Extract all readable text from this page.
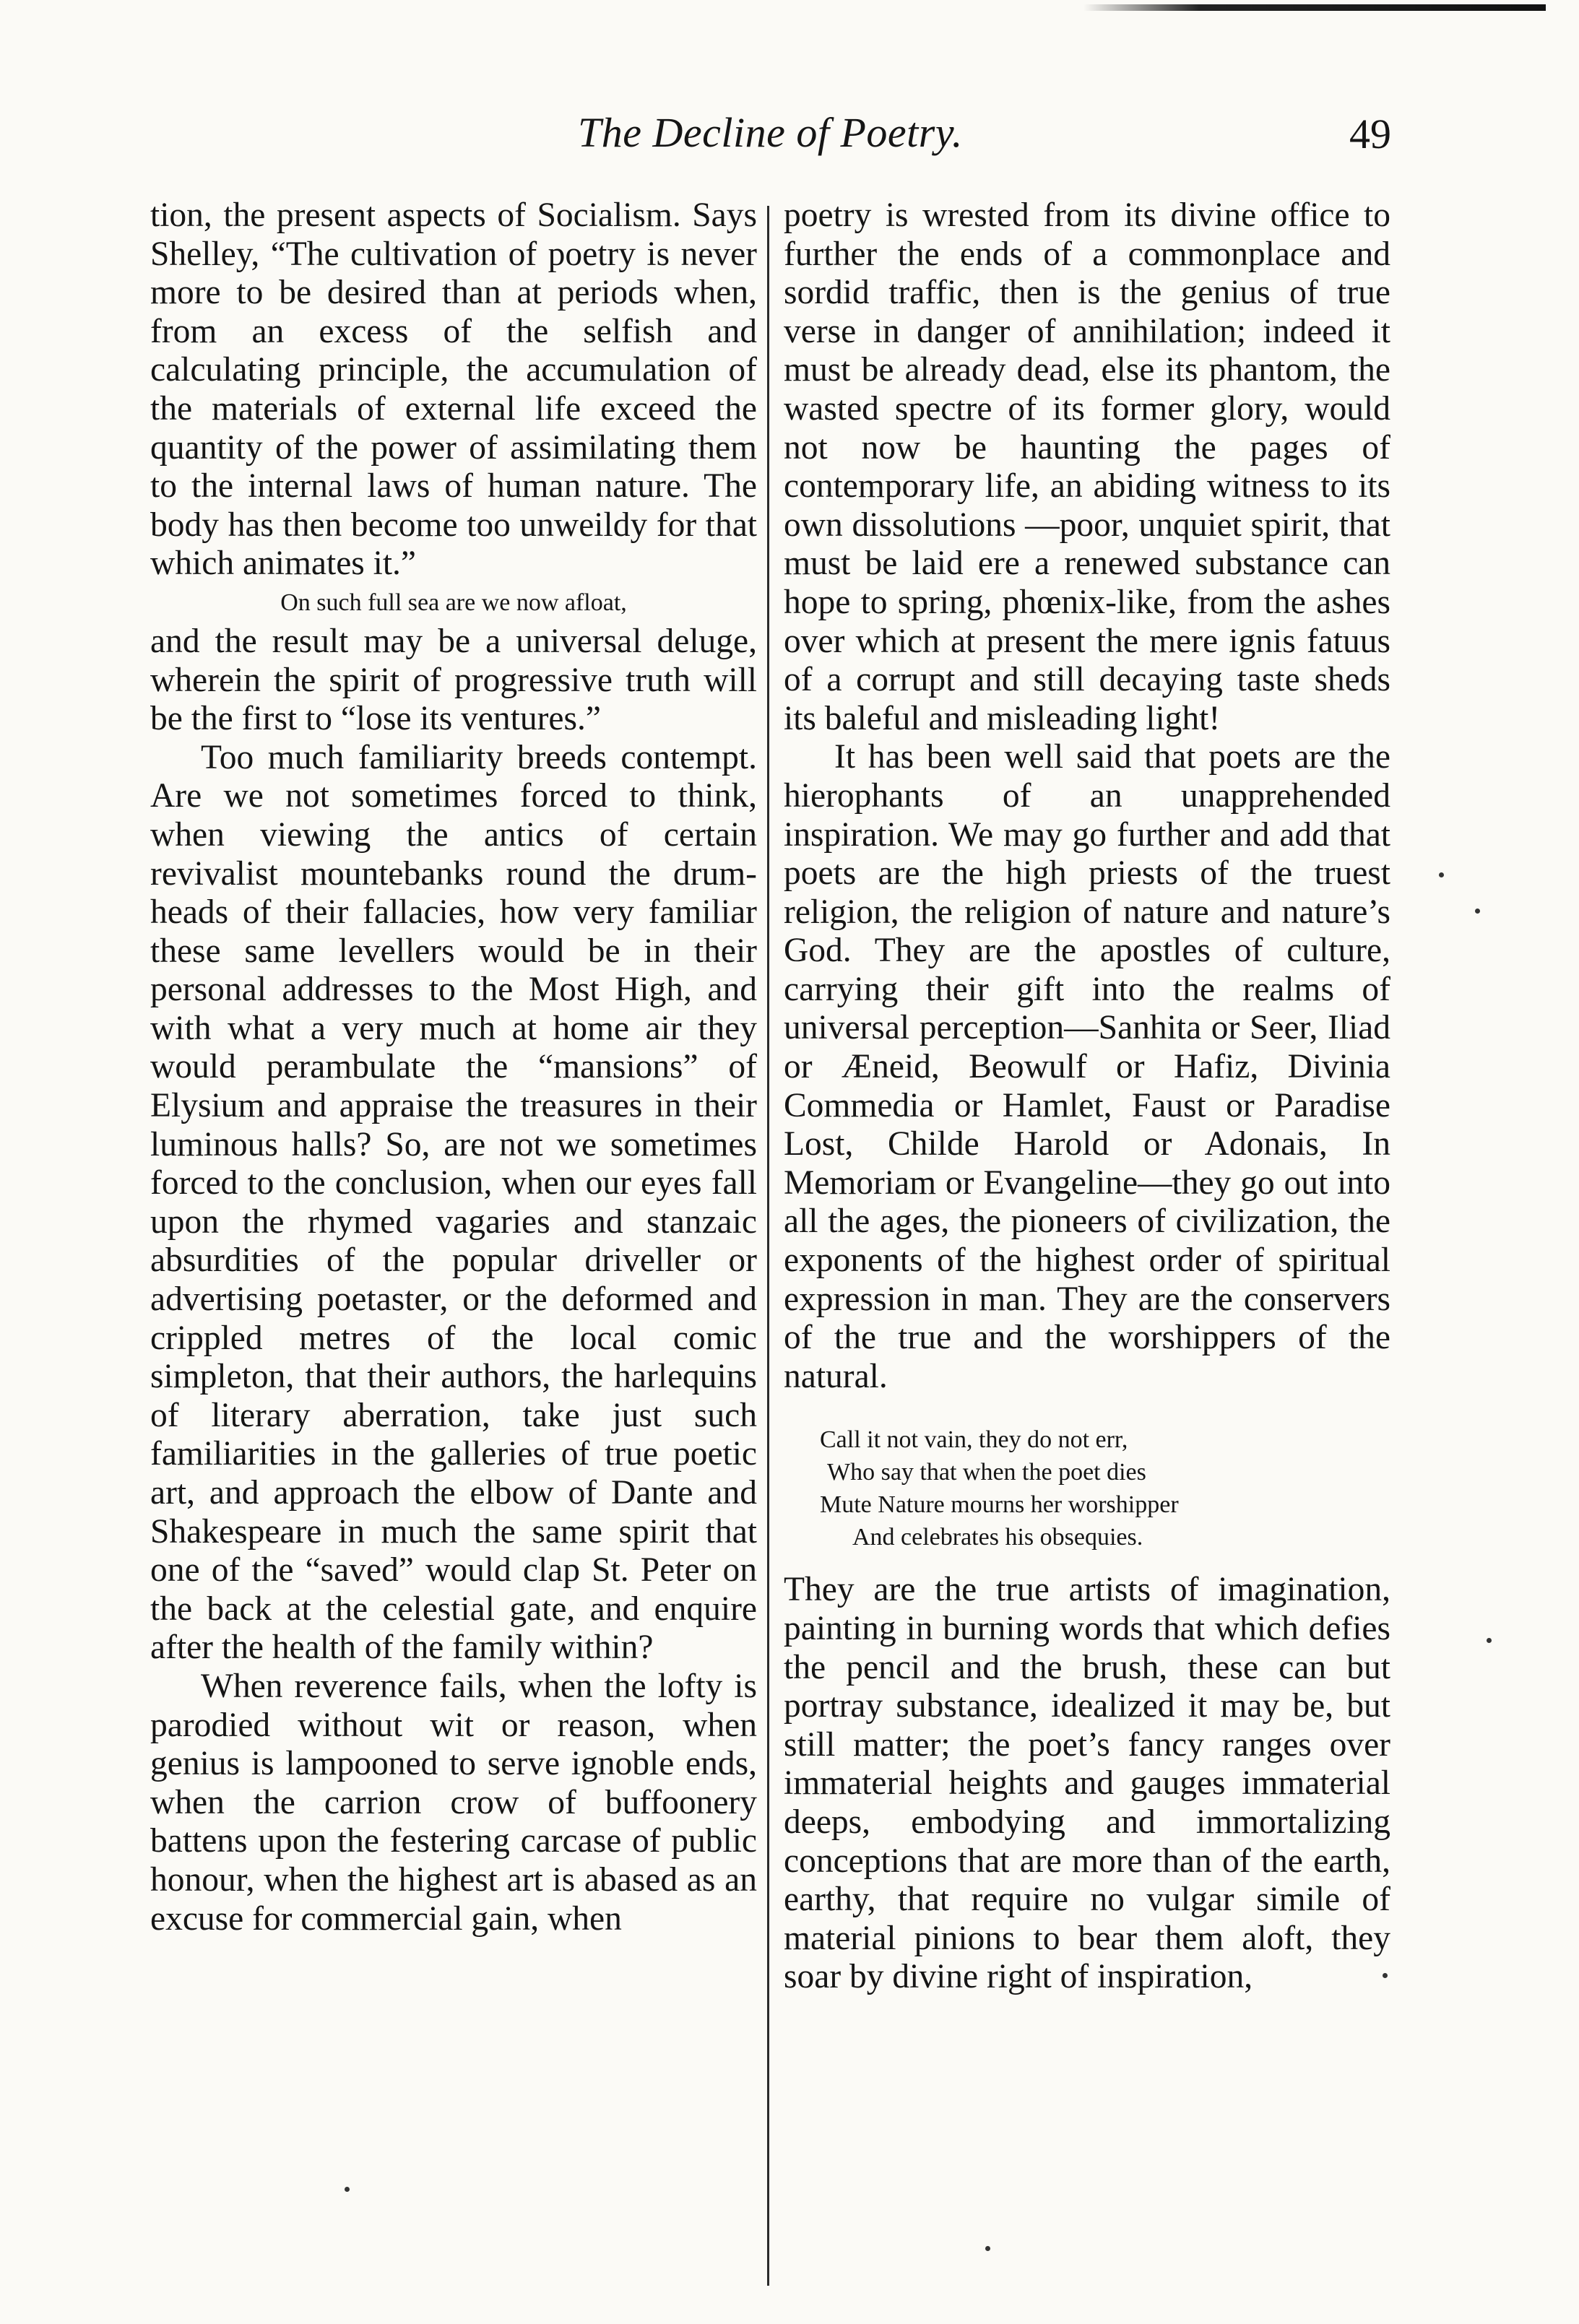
The Decline of Poetry.	49

tion, the present aspects of Socialism. Says Shelley, “The cultivation of poetry is never more to be desired than at periods when, from an excess of the selfish and calculating principle, the accumulation of the materials of external life exceed the quantity of the power of assimilating them to the internal laws of human nature. The body has then become too unweildy for that which animates it.”

On such full sea are we now afloat,

and the result may be a universal deluge, wherein the spirit of progressive truth will be the first to “lose its ventures.”

Too much familiarity breeds contempt. Are we not sometimes forced to think, when viewing the antics of certain revivalist mountebanks round the drum-heads of their fallacies, how very familiar these same levellers would be in their personal addresses to the Most High, and with what a very much at home air they would perambulate the “mansions” of Elysium and appraise the treasures in their luminous halls? So, are not we sometimes forced to the conclusion, when our eyes fall upon the rhymed vagaries and stanzaic absurdities of the popular driveller or advertising poetaster, or the deformed and crippled metres of the local comic simpleton, that their authors, the harlequins of literary aberration, take just such familiarities in the galleries of true poetic art, and approach the elbow of Dante and Shakespeare in much the same spirit that one of the “saved” would clap St. Peter on the back at the celestial gate, and enquire after the health of the family within?

When reverence fails, when the lofty is parodied without wit or reason, when genius is lampooned to serve ignoble ends, when the carrion crow of buffoonery battens upon the festering carcase of public honour, when the highest art is abased as an excuse for commercial gain, when

poetry is wrested from its divine office to further the ends of a commonplace and sordid traffic, then is the genius of true verse in danger of annihilation; indeed it must be already dead, else its phantom, the wasted spectre of its former glory, would not now be haunting the pages of contemporary life, an abiding witness to its own dissolutions —poor, unquiet spirit, that must be laid ere a renewed substance can hope to spring, phœnix-like, from the ashes over which at present the mere ignis fatuus of a corrupt and still decaying taste sheds its baleful and misleading light!

It has been well said that poets are the hierophants of an unapprehended inspiration. We may go further and add that poets are the high priests of the truest religion, the religion of nature and nature’s God. They are the apostles of culture, carrying their gift into the realms of universal perception—Sanhita or Seer, Iliad or Æneid, Beowulf or Hafiz, Divinia Commedia or Hamlet, Faust or Paradise Lost, Childe Harold or Adonais, In Memoriam or Evangeline—they go out into all the ages, the pioneers of civilization, the exponents of the highest order of spiritual expression in man. They are the conservers of the true and the worshippers of the natural.

Call it not vain, they do not err,
Who say that when the poet dies
Mute Nature mourns her worshipper
And celebrates his obsequies.

They are the true artists of imagination, painting in burning words that which defies the pencil and the brush, these can but portray substance, idealized it may be, but still matter; the poet’s fancy ranges over immaterial heights and gauges immaterial deeps, embodying and immortalizing conceptions that are more than of the earth, earthy, that require no vulgar simile of material pinions to bear them aloft, they soar by divine right of inspiration,
